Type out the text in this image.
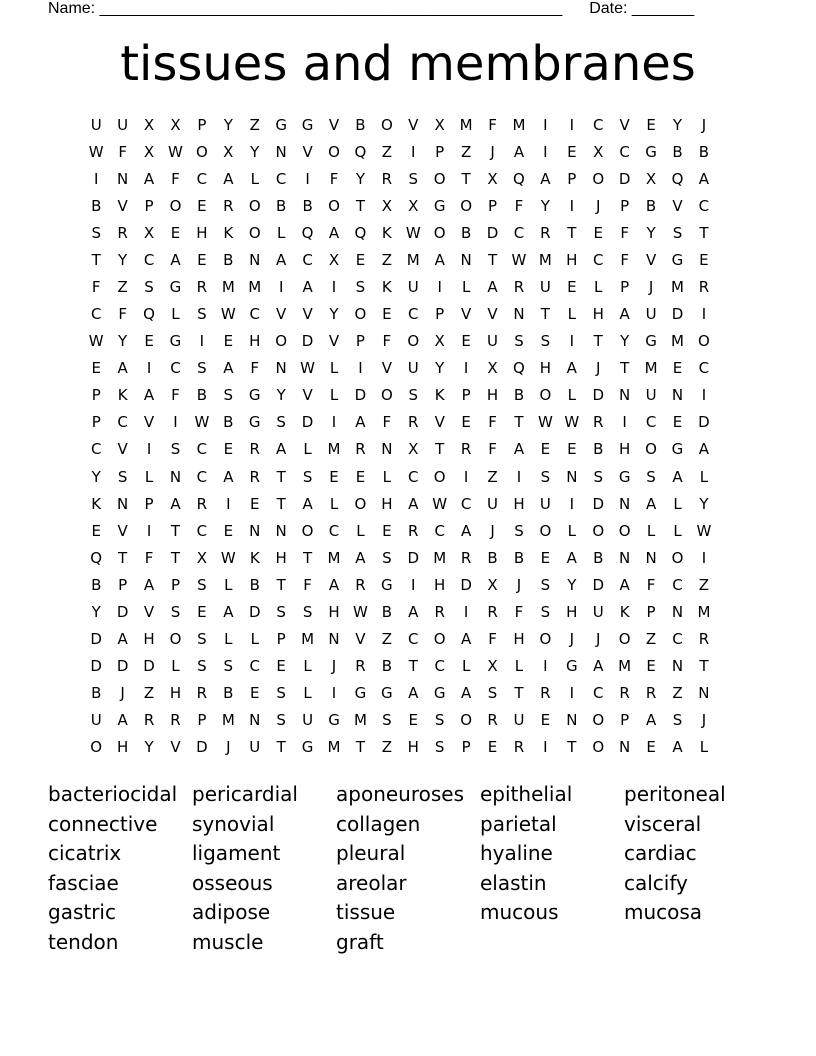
Name: ____________________________________________________ Date: _______
tissues and membranes
U	U	X	X	P	Y	Z	G G	V	B	O	V	X M	F	M	I	I	C	V	E	Y	J
W F	X W O	X	Y	N	V	O Q	Z	I	P	Z	J	A	I	E	X	C	G	B	B
I	N	A	F	C	A	L	C	I	F	Y	R	S	O	T	X	Q	A	P	O D	X	Q	A
B	V	P	O	E	R	O	B	B	O	T	X	X	G O	P	F	Y	I	J	P	B	V	C
S	R	X	E	H	K	O	L	Q	A	Q	K W O	B	D	C	R	T	E	F	Y	S	T
T	Y	C	A	E	B	N	A	C	X	E	Z M A	N	T W M H	C	F	V	G	E
F	Z	S	G	R M M	I	A	I	S	K	U	I	L	A	R	U	E	L	P	J	M R
C	F	Q	L	S W C	V	V	Y	O	E	C	P	V	V	N	T	L	H	A	U	D	I
W Y	E	G	I	E	H O D	V	P	F	O	X	E	U	S	S	I	T	Y	G M O
E	A	I	C	S	A	F	N W L	I	V	U	Y	I	X	Q H	A	J	T	M	E	C
P	K	A	F	B	S	G	Y	V	L	D O	S	K	P	H	B	O	L	D	N	U	N	I
P	C	V	I	W B	G	S	D	I	A	F	R	V	E	F	T W W R	I	C	E	D
C	V	I	S	C	E	R	A	L	M R	N	X	T	R	F	A	E	E	B	H O G	A
Y	S	L	N	C	A	R	T	S	E	E	L	C	O	I	Z	I	S	N	S	G	S	A	L
K	N	P	A	R	I	E	T	A	L	O H	A W C	U	H	U	I	D	N	A	L	Y
E	V	I	T	C	E	N	N O	C	L	E	R	C	A	J	S	O	L	O O	L	L W
Q	T	F	T	X W K	H	T	M A	S	D M R	B	B	E	A	B	N	N O	I
B	P	A	P	S	L	B	T	F	A	R	G	I	H	D	X	J	S	Y	D	A	F	C	Z
Y	D	V	S	E	A	D	S	S	H W B	A	R	I	R	F	S	H	U	K	P	N M
D	A	H O	S	L	L	P	M N	V	Z	C	O	A	F	H O	J	J	O	Z	C	R
D D D	L	S	S	C	E	L	J	R	B	T	C	L	X	L	I	G	A M	E	N	T
B	J	Z	H	R	B	E	S	L	I	G G	A	G	A	S	T	R	I	C	R	R	Z	N
U	A	R	R	P	M N	S	U	G M	S	E	S	O	R	U	E	N O	P	A	S	J
O H	Y	V	D	J	U	T	G M	T	Z	H	S	P	E	R	I	T	O N	E	A	L
bacteriocidal pericardial	aponeuroses epithelial	peritoneal
connective	synovial	collagen	parietal	visceral
cicatrix	ligament	pleural	hyaline	cardiac
fasciae	osseous	areolar	elastin	calcify
gastric	adipose	tissue	mucous	mucosa
tendon	muscle	graft
